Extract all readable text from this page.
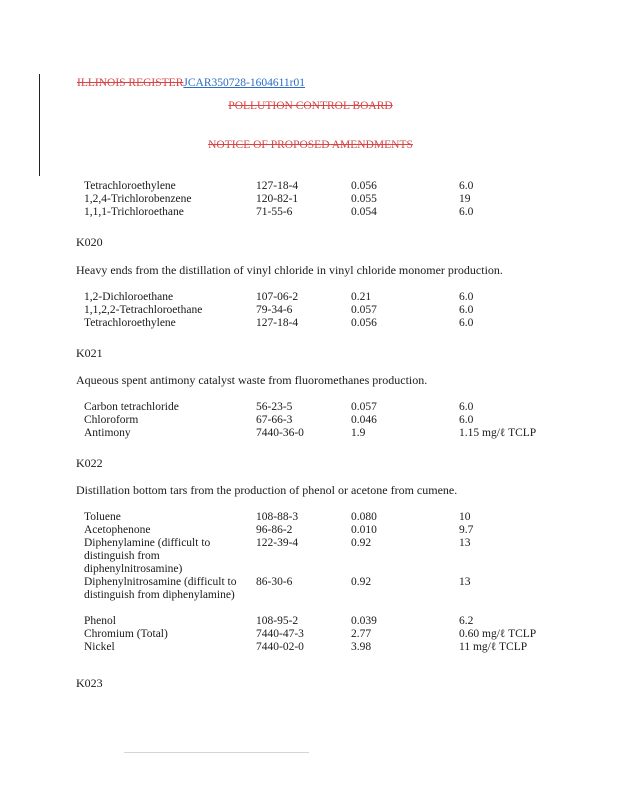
ILLINOIS REGISTERJCAR350728-1604611r01
POLLUTION CONTROL BOARD
NOTICE OF PROPOSED AMENDMENTS
Tetrachloroethylene	127-18-4	0.056	6.0
1,2,4-Trichlorobenzene	120-82-1	0.055	19
1,1,1-Trichloroethane	71-55-6	0.054	6.0
K020
Heavy ends from the distillation of vinyl chloride in vinyl chloride monomer production.
1,2-Dichloroethane	107-06-2	0.21	6.0
1,1,2,2-Tetrachloroethane	79-34-6	0.057	6.0
Tetrachloroethylene	127-18-4	0.056	6.0
K021
Aqueous spent antimony catalyst waste from fluoromethanes production.
Carbon tetrachloride	56-23-5	0.057	6.0
Chloroform	67-66-3	0.046	6.0
Antimony	7440-36-0	1.9	1.15 mg/ℓ TCLP
K022
Distillation bottom tars from the production of phenol or acetone from cumene.
Toluene	108-88-3	0.080	10
Acetophenone	96-86-2	0.010	9.7
Diphenylamine (difficult to distinguish from diphenylnitrosamine)
122-39-4	0.92	13
Diphenylnitrosamine (difficult to distinguish from diphenylamine)
86-30-6	0.92	13
Phenol	108-95-2	0.039	6.2
Chromium (Total)	7440-47-3	2.77	0.60 mg/ℓ TCLP
Nickel	7440-02-0	3.98	11 mg/ℓ TCLP
K023
